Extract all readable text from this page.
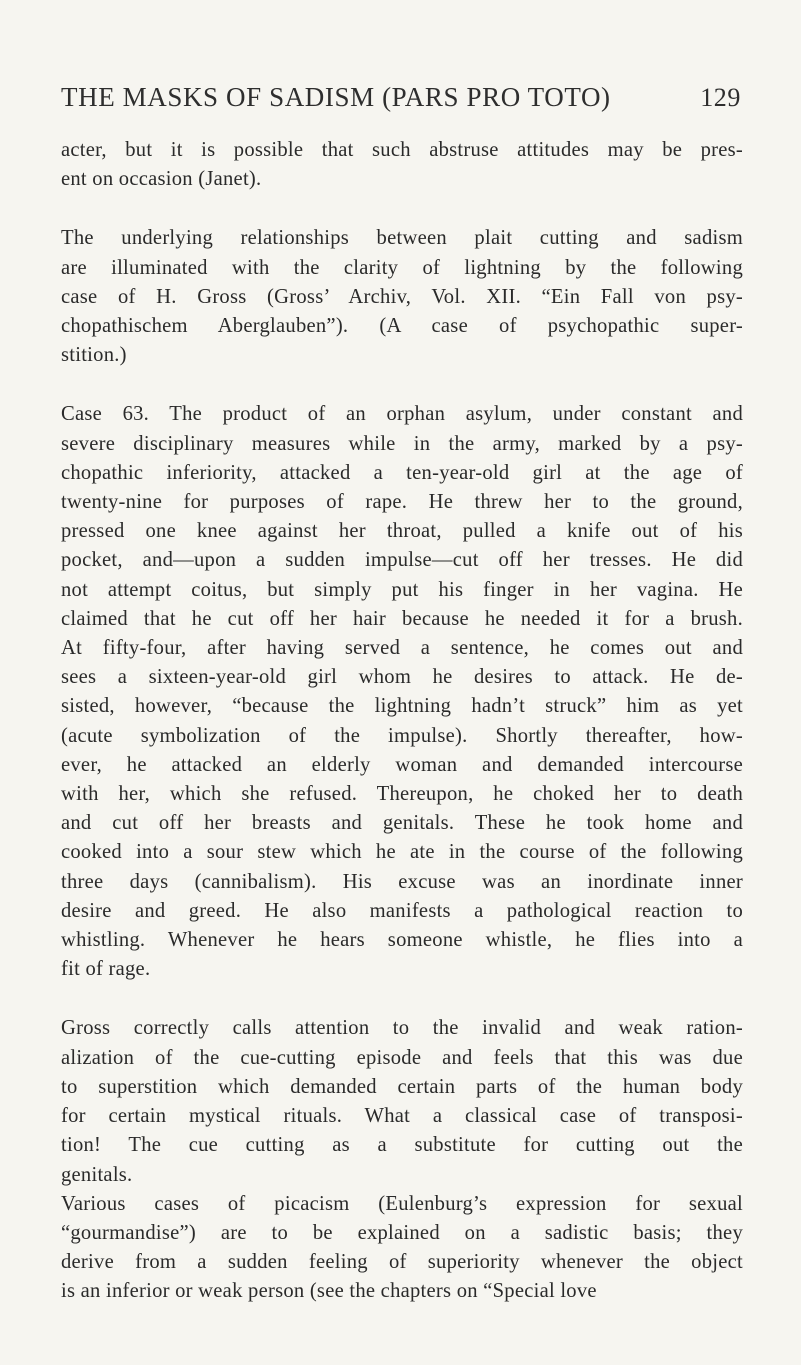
THE MASKS OF SADISM (PARS PRO TOTO)	129
acter, but it is possible that such abstruse attitudes may be pres-
ent on occasion (Janet).
The underlying relationships between plait cutting and sadism
are illuminated with the clarity of lightning by the following
case of H. Gross (Gross’ Archiv, Vol. XII. “Ein Fall von psy-
chopathischem Aberglauben”). (A case of psychopathic super-
stition.)
Case 63. The product of an orphan asylum, under constant and
severe disciplinary measures while in the army, marked by a psy-
chopathic inferiority, attacked a ten-year-old girl at the age of
twenty-nine for purposes of rape. He threw her to the ground,
pressed one knee against her throat, pulled a knife out of his
pocket, and—upon a sudden impulse—cut off her tresses. He did
not attempt coitus, but simply put his finger in her vagina. He
claimed that he cut off her hair because he needed it for a brush.
At fifty-four, after having served a sentence, he comes out and
sees a sixteen-year-old girl whom he desires to attack. He de-
sisted, however, “because the lightning hadn’t struck” him as yet
(acute symbolization of the impulse). Shortly thereafter, how-
ever, he attacked an elderly woman and demanded intercourse
with her, which she refused. Thereupon, he choked her to death
and cut off her breasts and genitals. These he took home and
cooked into a sour stew which he ate in the course of the following
three days (cannibalism). His excuse was an inordinate inner
desire and greed. He also manifests a pathological reaction to
whistling. Whenever he hears someone whistle, he flies into a
fit of rage.
Gross correctly calls attention to the invalid and weak ration-
alization of the cue-cutting episode and feels that this was due
to superstition which demanded certain parts of the human body
for certain mystical rituals. What a classical case of transposi-
tion! The cue cutting as a substitute for cutting out the
genitals.
Various cases of picacism (Eulenburg’s expression for sexual
“gourmandise”) are to be explained on a sadistic basis; they
derive from a sudden feeling of superiority whenever the object
is an inferior or weak person (see the chapters on “Special love
